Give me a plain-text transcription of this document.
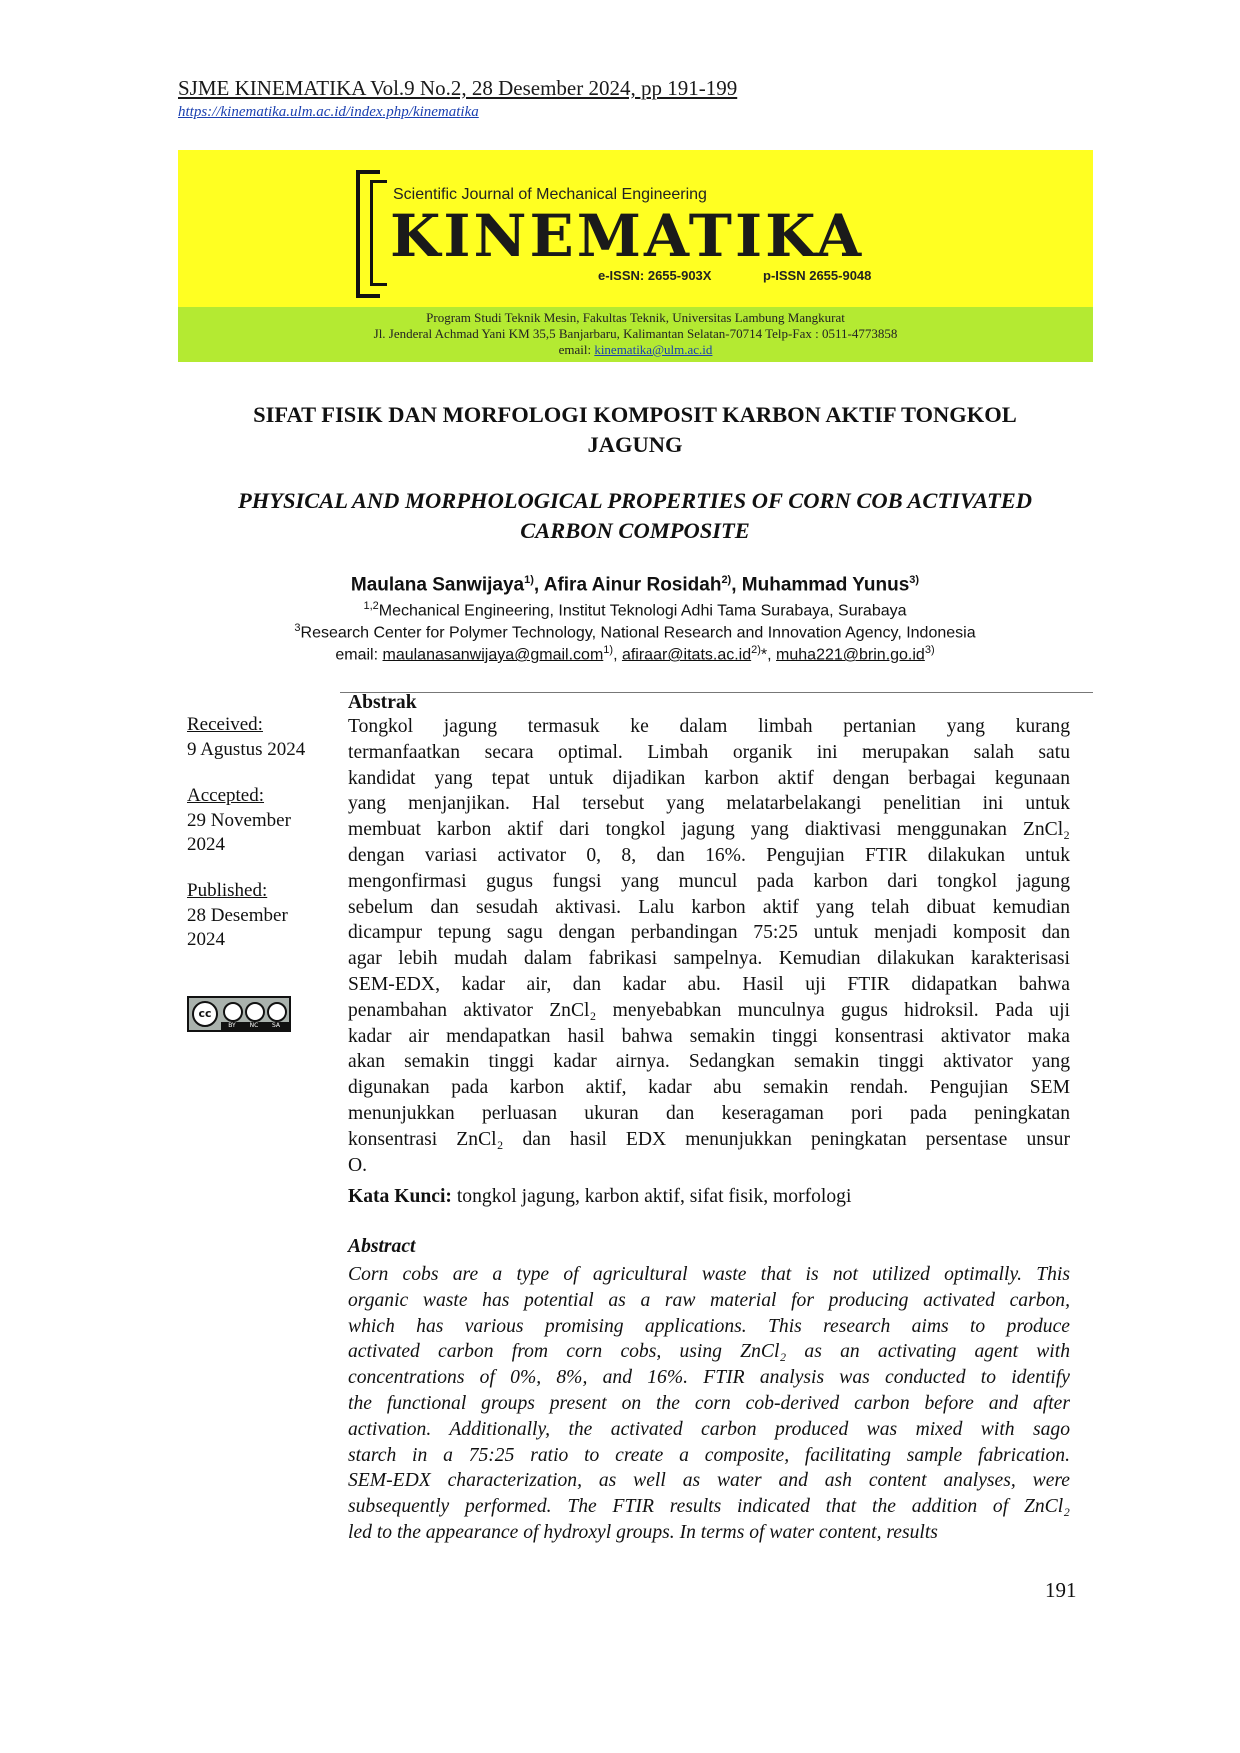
SJME KINEMATIKA Vol.9 No.2, 28 Desember 2024, pp 191-199
https://kinematika.ulm.ac.id/index.php/kinematika
Scientific Journal of Mechanical Engineering
KINEMATIKA
e-ISSN: 2655-903X	p-ISSN 2655-9048
Program Studi Teknik Mesin, Fakultas Teknik, Universitas Lambung Mangkurat
Jl. Jenderal Achmad Yani KM 35,5 Banjarbaru, Kalimantan Selatan-70714 Telp-Fax : 0511-4773858
email: kinematika@ulm.ac.id
SIFAT FISIK DAN MORFOLOGI KOMPOSIT KARBON AKTIF TONGKOL
JAGUNG
PHYSICAL AND MORPHOLOGICAL PROPERTIES OF CORN COB ACTIVATED
CARBON COMPOSITE
Maulana Sanwijaya$^{1)}$, Afira Ainur Rosidah$^{2)}$, Muhammad Yunus$^{3)}$
$^{1,2}$Mechanical Engineering, Institut Teknologi Adhi Tama Surabaya, Surabaya
$^3$Research Center for Polymer Technology, National Research and Innovation Agency, Indonesia
email: maulanasanwijaya@gmail.com$^{1)}$, $afiraar@itats.ac.id^{2)}*$, $muha221@brin.go.id^{3)}$
Received:
9 Agustus 2024
Accepted:
29 November
2024
Published:
28 Desember
2024
cc
BY NC SA
Abstrak
Tongkol jagung termasuk ke dalam limbah pertanian yang kurang
termanfaatkan secara optimal. Limbah organik ini merupakan salah satu
kandidat yang tepat untuk dijadikan karbon aktif dengan berbagai kegunaan
yang menjanjikan. Hal tersebut yang melatarbelakangi penelitian ini untuk
membuat karbon aktif dari tongkol jagung yang diaktivasi menggunakan ZnCl₂
dengan variasi activator 0, 8, dan 16%. Pengujian FTIR dilakukan untuk
mengonfirmasi gugus fungsi yang muncul pada karbon dari tongkol jagung
sebelum dan sesudah aktivasi. Lalu karbon aktif yang telah dibuat kemudian
dicampur tepung sagu dengan perbandingan 75:25 untuk menjadi komposit dan
agar lebih mudah dalam fabrikasi sampelnya. Kemudian dilakukan karakterisasi
SEM-EDX, kadar air, dan kadar abu. Hasil uji FTIR didapatkan bahwa
penambahan aktivator ZnCl₂ menyebabkan munculnya gugus hidroksil. Pada uji
kadar air mendapatkan hasil bahwa semakin tinggi konsentrasi aktivator maka
akan semakin tinggi kadar airnya. Sedangkan semakin tinggi aktivator yang
digunakan pada karbon aktif, kadar abu semakin rendah. Pengujian SEM
menunjukkan perluasan ukuran dan keseragaman pori pada peningkatan
konsentrasi ZnCl₂ dan hasil EDX menunjukkan peningkatan persentase unsur
O.
Kata Kunci: tongkol jagung, karbon aktif, sifat fisik, morfologi
Abstract
Corn cobs are a type of agricultural waste that is not utilized optimally. This
organic waste has potential as a raw material for producing activated carbon,
which has various promising applications. This research aims to produce
activated carbon from corn cobs, using ZnCl₂ as an activating agent with
concentrations of 0%, 8%, and 16%. FTIR analysis was conducted to identify
the functional groups present on the corn cob-derived carbon before and after
activation. Additionally, the activated carbon produced was mixed with sago
starch in a 75:25 ratio to create a composite, facilitating sample fabrication.
SEM-EDX characterization, as well as water and ash content analyses, were
subsequently performed. The FTIR results indicated that the addition of ZnCl₂
led to the appearance of hydroxyl groups. In terms of water content, results
191
